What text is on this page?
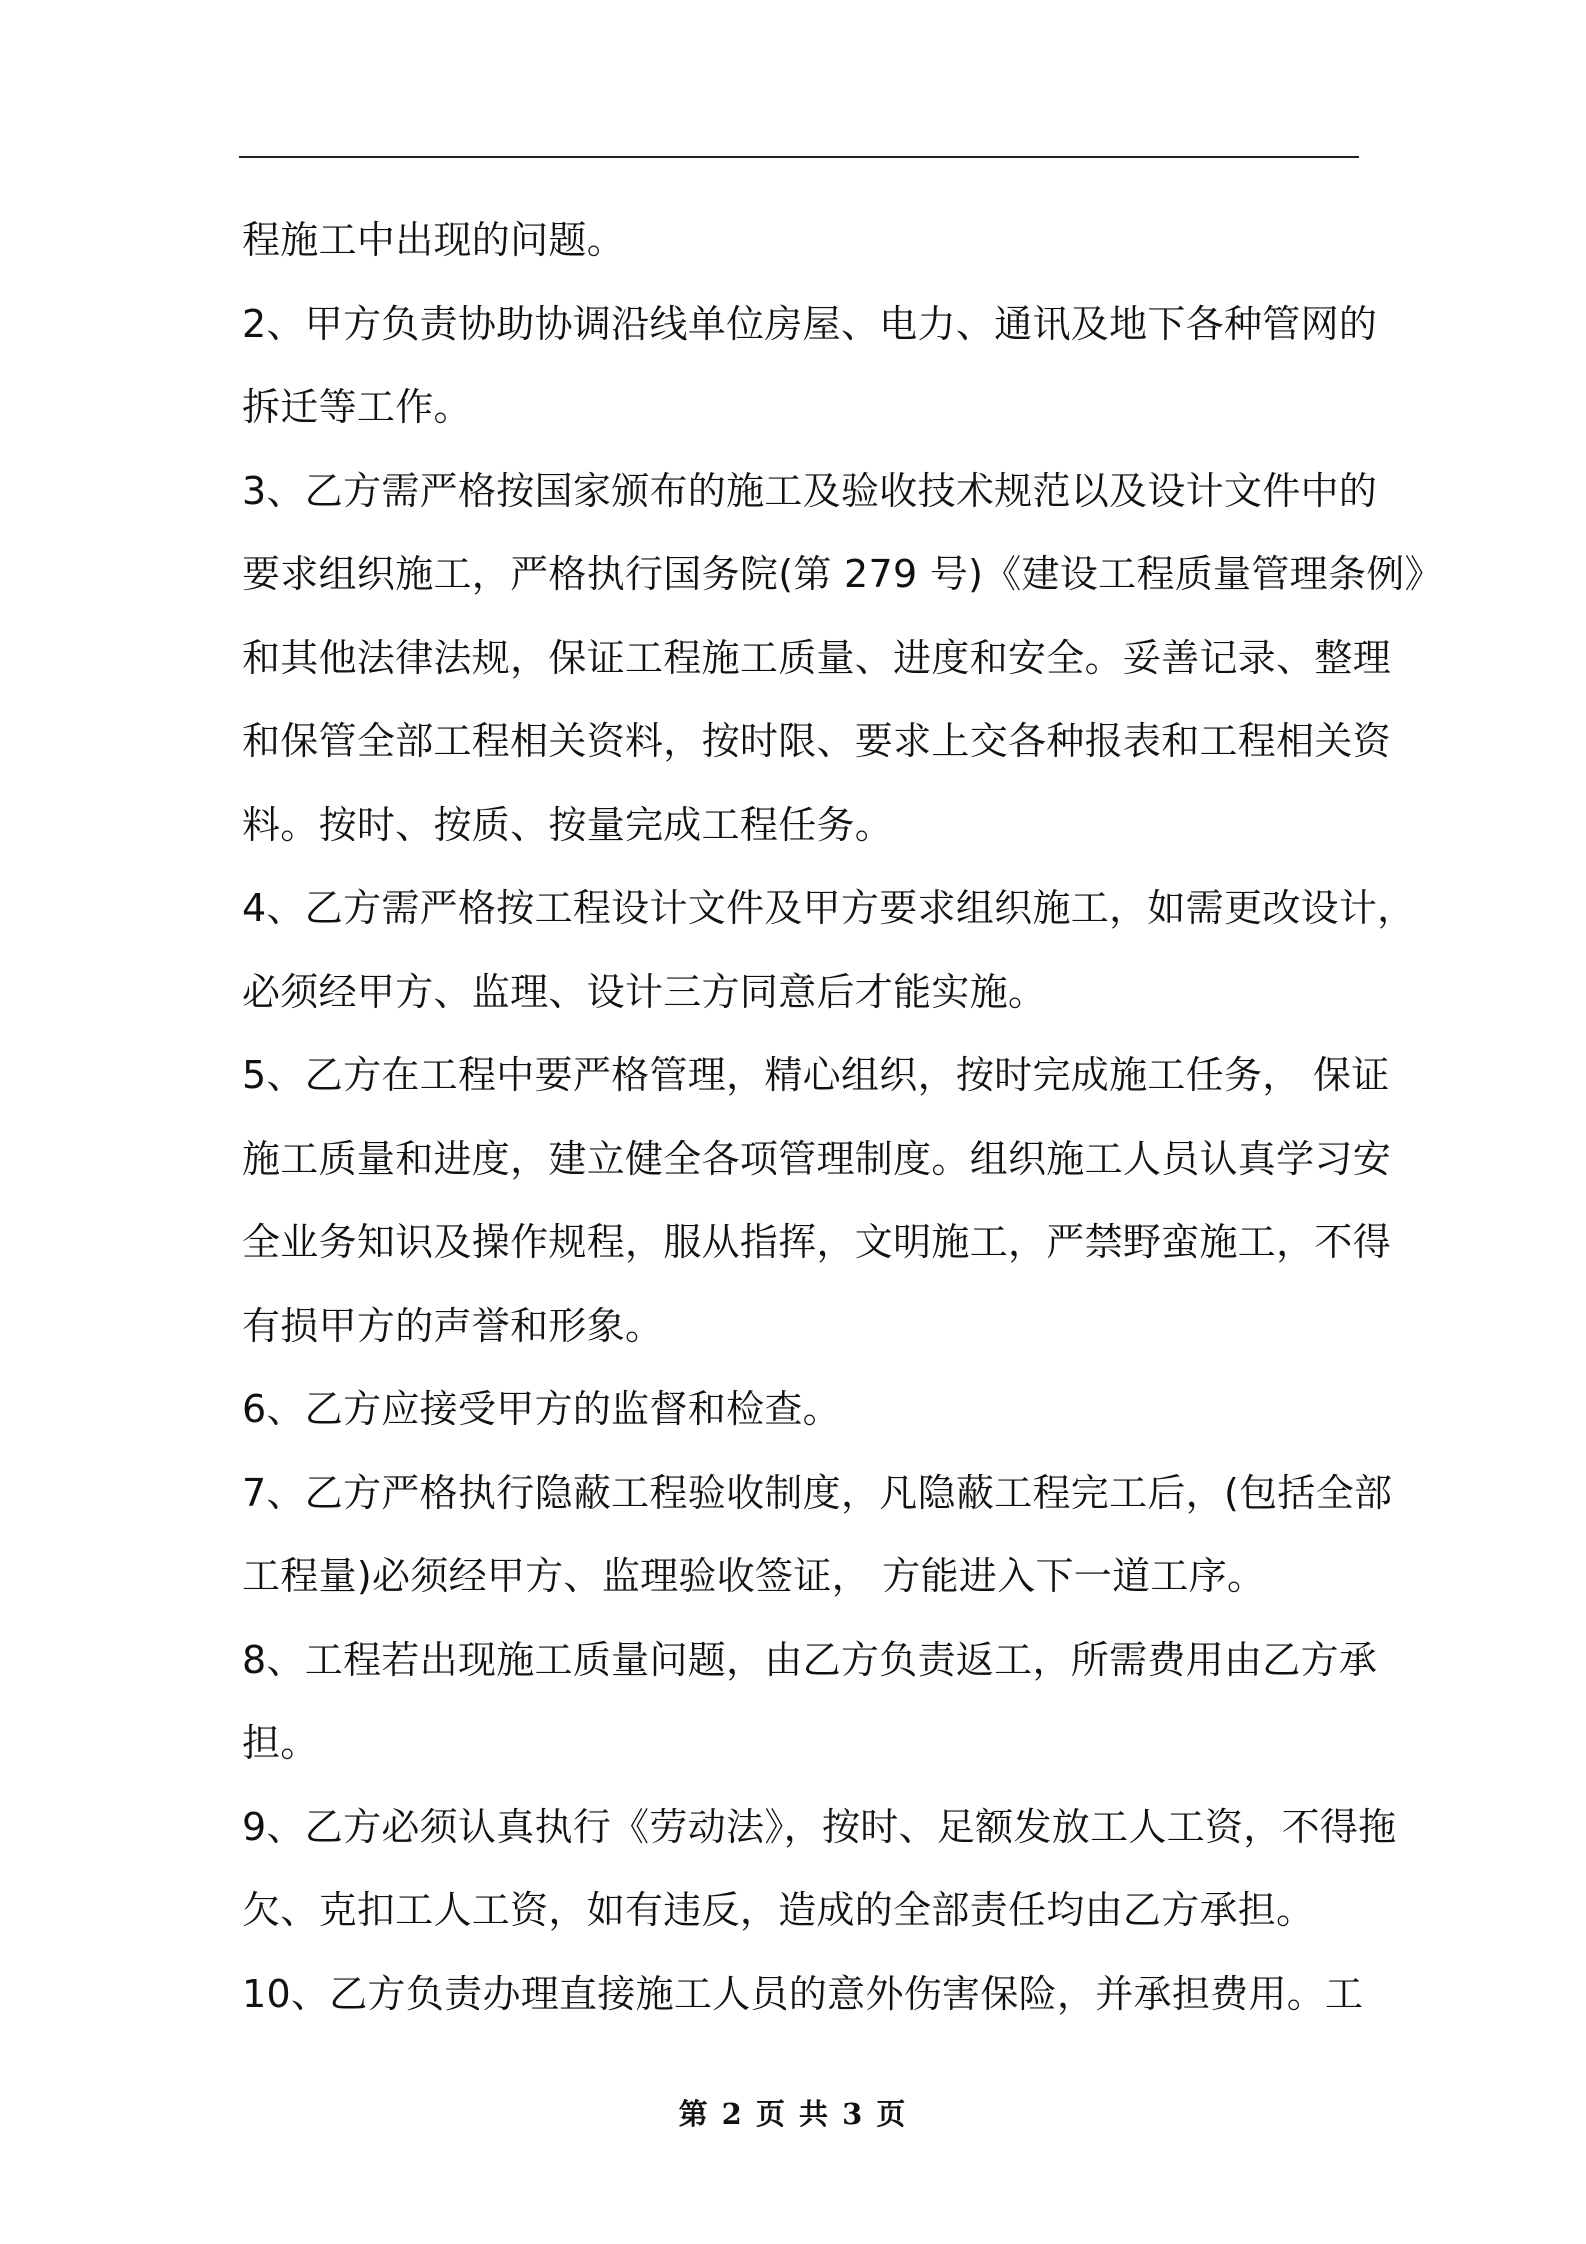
程施工中出现的问题。
2、甲方负责协助协调沿线单位房屋、电力、通讯及地下各种管网的
拆迁等工作。
3、乙方需严格按国家颁布的施工及验收技术规范以及设计文件中的
要求组织施工，严格执行国务院(第 279 号)《建设工程质量管理条例》
和其他法律法规，保证工程施工质量、进度和安全。妥善记录、整理
和保管全部工程相关资料，按时限、要求上交各种报表和工程相关资
料。按时、按质、按量完成工程任务。
4、乙方需严格按工程设计文件及甲方要求组织施工，如需更改设计，
必须经甲方、监理、设计三方同意后才能实施。
5、乙方在工程中要严格管理，精心组织，按时完成施工任务， 保证
施工质量和进度，建立健全各项管理制度。组织施工人员认真学习安
全业务知识及操作规程，服从指挥，文明施工，严禁野蛮施工，不得
有损甲方的声誉和形象。
6、乙方应接受甲方的监督和检查。
7、乙方严格执行隐蔽工程验收制度，凡隐蔽工程完工后，(包括全部
工程量)必须经甲方、监理验收签证， 方能进入下一道工序。
8、工程若出现施工质量问题，由乙方负责返工，所需费用由乙方承
担。
9、乙方必须认真执行《劳动法》，按时、足额发放工人工资，不得拖
欠、克扣工人工资，如有违反，造成的全部责任均由乙方承担。
10、乙方负责办理直接施工人员的意外伤害保险，并承担费用。工
第 2 页 共 3 页
